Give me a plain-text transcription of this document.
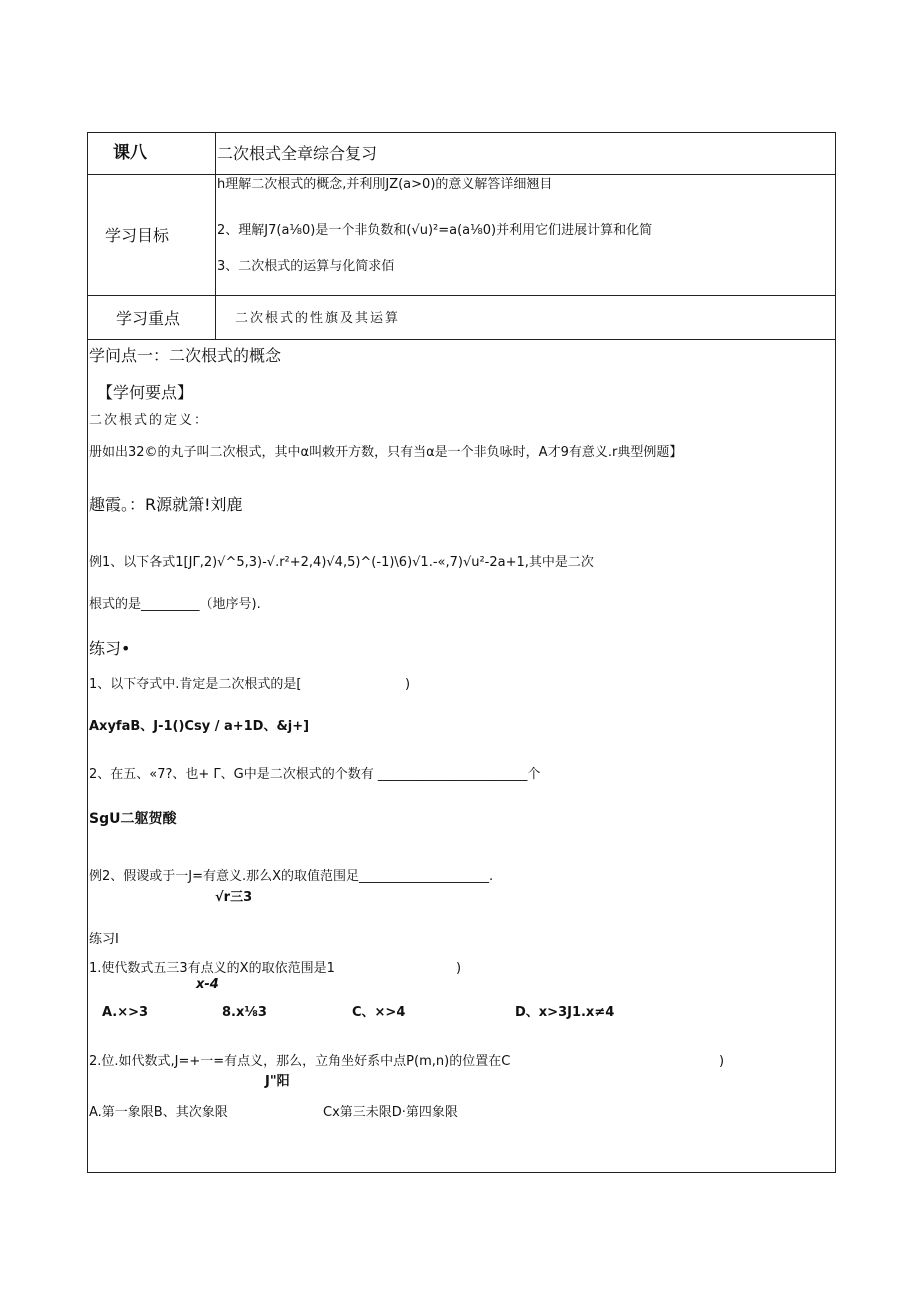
课八	二次根式全章综合复习
学习目标
h理解二次根式的概念,并利刖JZ(a>0)的意义解答详细翘目
2、理解J7(a⅛0)是一个非负数和(√u)²=a(a⅛0)并利用它们进展计算和化简
3、二次根式的运算与化简求佰
学习重点	二次根式的性旗及其运算
学问点一：二次根式的概念
【学何要点】
二次根式的定义：
册如出32©的丸子叫二次根式，其中α叫敕开方数，只有当α是一个非负咏时，A才9有意义.r典型例题】
趣霞。：R源就箫!刘鹿
例1、以下各式1[JΓ,2)√^5,3)-√.r²+2,4)√4,5)^(-1)\6)√1.-«,7)√u²-2a+1,其中是二次
根式的是_________（地序号).
练习•
1、以下夺式中.肯定是二次根式的是[	)
AxyfaB、J-1()Csy / a+1D、&j+]
2、在五、«7?、也+ Γ、G中是二次根式的个数有 _______________________个
SgU二躯贺酸
例2、假谡或于一J=有意义.那么X的取值范围足____________________.
√r三3
练习I
1.使代数式五三3有点义的X的取依范围是1	)
x-4
A.×>3	8.x⅛3	C、×>4	D、x>3J1.x≠4
2.位.如代数式,J=+一=有点义，那么，立角坐好系中点P(m,n)的位置在C	)
J"阳
A.第一象限B、其次象限	Cx第三未限D·第四象限
